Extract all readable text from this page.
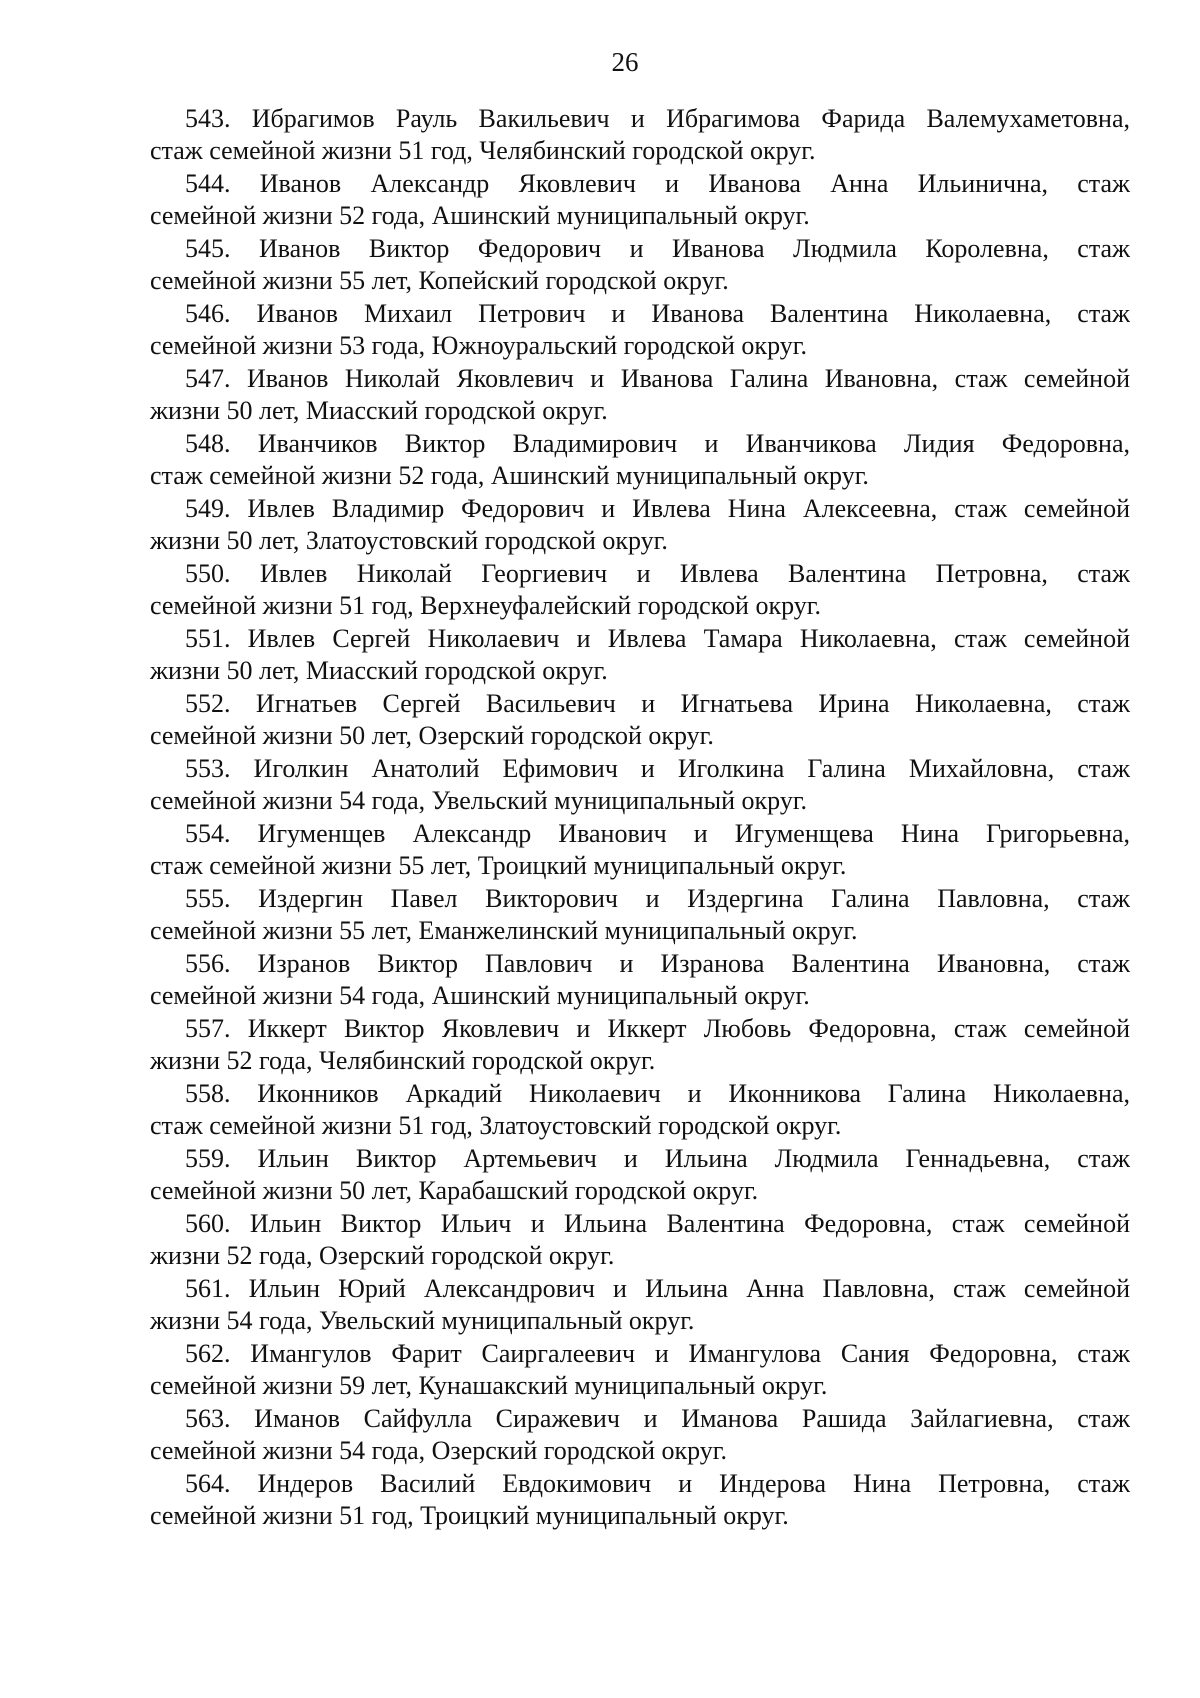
26
543. Ибрагимов Рауль Вакильевич и Ибрагимова Фарида Валемухаметовна,
стаж семейной жизни 51 год, Челябинский городской округ.
544. Иванов Александр Яковлевич и Иванова Анна Ильинична, стаж
семейной жизни 52 года, Ашинский муниципальный округ.
545. Иванов Виктор Федорович и Иванова Людмила Королевна, стаж
семейной жизни 55 лет, Копейский городской округ.
546. Иванов Михаил Петрович и Иванова Валентина Николаевна, стаж
семейной жизни 53 года, Южноуральский городской округ.
547. Иванов Николай Яковлевич и Иванова Галина Ивановна, стаж семейной
жизни 50 лет, Миасский городской округ.
548. Иванчиков Виктор Владимирович и Иванчикова Лидия Федоровна,
стаж семейной жизни 52 года, Ашинский муниципальный округ.
549. Ивлев Владимир Федорович и Ивлева Нина Алексеевна, стаж семейной
жизни 50 лет, Златоустовский городской округ.
550. Ивлев Николай Георгиевич и Ивлева Валентина Петровна, стаж
семейной жизни 51 год, Верхнеуфалейский городской округ.
551. Ивлев Сергей Николаевич и Ивлева Тамара Николаевна, стаж семейной
жизни 50 лет, Миасский городской округ.
552. Игнатьев Сергей Васильевич и Игнатьева Ирина Николаевна, стаж
семейной жизни 50 лет, Озерский городской округ.
553. Иголкин Анатолий Ефимович и Иголкина Галина Михайловна, стаж
семейной жизни 54 года, Увельский муниципальный округ.
554. Игуменщев Александр Иванович и Игуменщева Нина Григорьевна,
стаж семейной жизни 55 лет, Троицкий муниципальный округ.
555. Издергин Павел Викторович и Издергина Галина Павловна, стаж
семейной жизни 55 лет, Еманжелинский муниципальный округ.
556. Изранов Виктор Павлович и Изранова Валентина Ивановна, стаж
семейной жизни 54 года, Ашинский муниципальный округ.
557. Иккерт Виктор Яковлевич и Иккерт Любовь Федоровна, стаж семейной
жизни 52 года, Челябинский городской округ.
558. Иконников Аркадий Николаевич и Иконникова Галина Николаевна,
стаж семейной жизни 51 год, Златоустовский городской округ.
559. Ильин Виктор Артемьевич и Ильина Людмила Геннадьевна, стаж
семейной жизни 50 лет, Карабашский городской округ.
560. Ильин Виктор Ильич и Ильина Валентина Федоровна, стаж семейной
жизни 52 года, Озерский городской округ.
561. Ильин Юрий Александрович и Ильина Анна Павловна, стаж семейной
жизни 54 года, Увельский муниципальный округ.
562. Имангулов Фарит Саиргалеевич и Имангулова Сания Федоровна, стаж
семейной жизни 59 лет, Кунашакский муниципальный округ.
563. Иманов Сайфулла Сиражевич и Иманова Рашида Зайлагиевна, стаж
семейной жизни 54 года, Озерский городской округ.
564. Индеров Василий Евдокимович и Индерова Нина Петровна, стаж
семейной жизни 51 год, Троицкий муниципальный округ.
